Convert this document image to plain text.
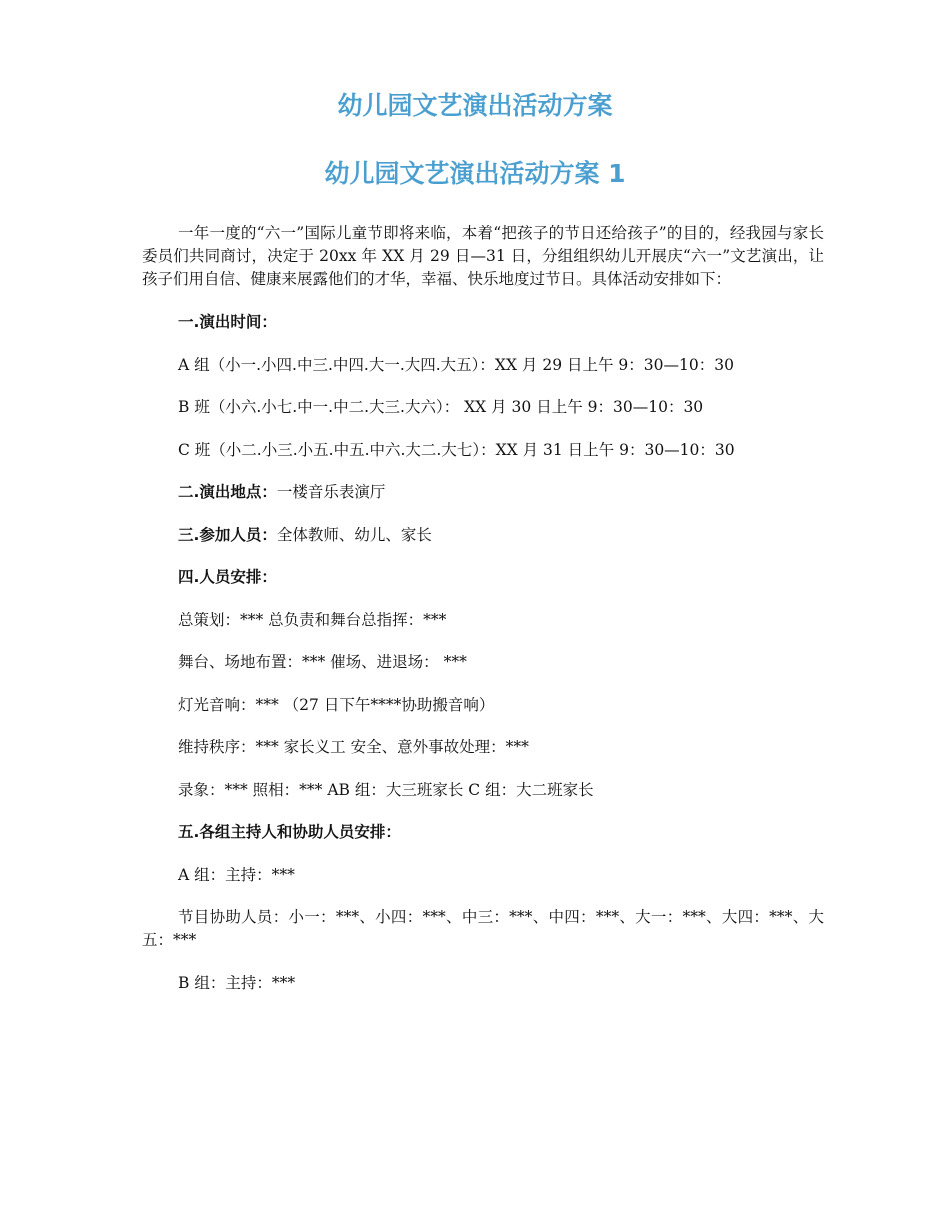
幼儿园文艺演出活动方案
幼儿园文艺演出活动方案 1

一年一度的“六一”国际儿童节即将来临，本着“把孩子的节日还给孩子”的目的，经我园与家长委员们共同商讨，决定于 20xx 年 XX 月 29 日—31 日，分组组织幼儿开展庆“六一”文艺演出，让孩子们用自信、健康来展露他们的才华，幸福、快乐地度过节日。具体活动安排如下：

一.演出时间：

A 组（小一.小四.中三.中四.大一.大四.大五）：XX 月 29 日上午 9：30—10：30

B 班（小六.小七.中一.中二.大三.大六）： XX 月 30 日上午 9：30—10：30

C 班（小二.小三.小五.中五.中六.大二.大七）：XX 月 31 日上午 9：30—10：30

二.演出地点：一楼音乐表演厅

三.参加人员：全体教师、幼儿、家长

四.人员安排：

总策划：*** 总负责和舞台总指挥：***

舞台、场地布置：*** 催场、进退场： ***

灯光音响：*** （27 日下午****协助搬音响）

维持秩序：*** 家长义工 安全、意外事故处理：***

录象：*** 照相：*** AB 组：大三班家长 C 组：大二班家长

五.各组主持人和协助人员安排：

A 组：主持：***

节目协助人员：小一：***、小四：***、中三：***、中四：***、大一：***、大四：***、大五：***

B 组：主持：***
